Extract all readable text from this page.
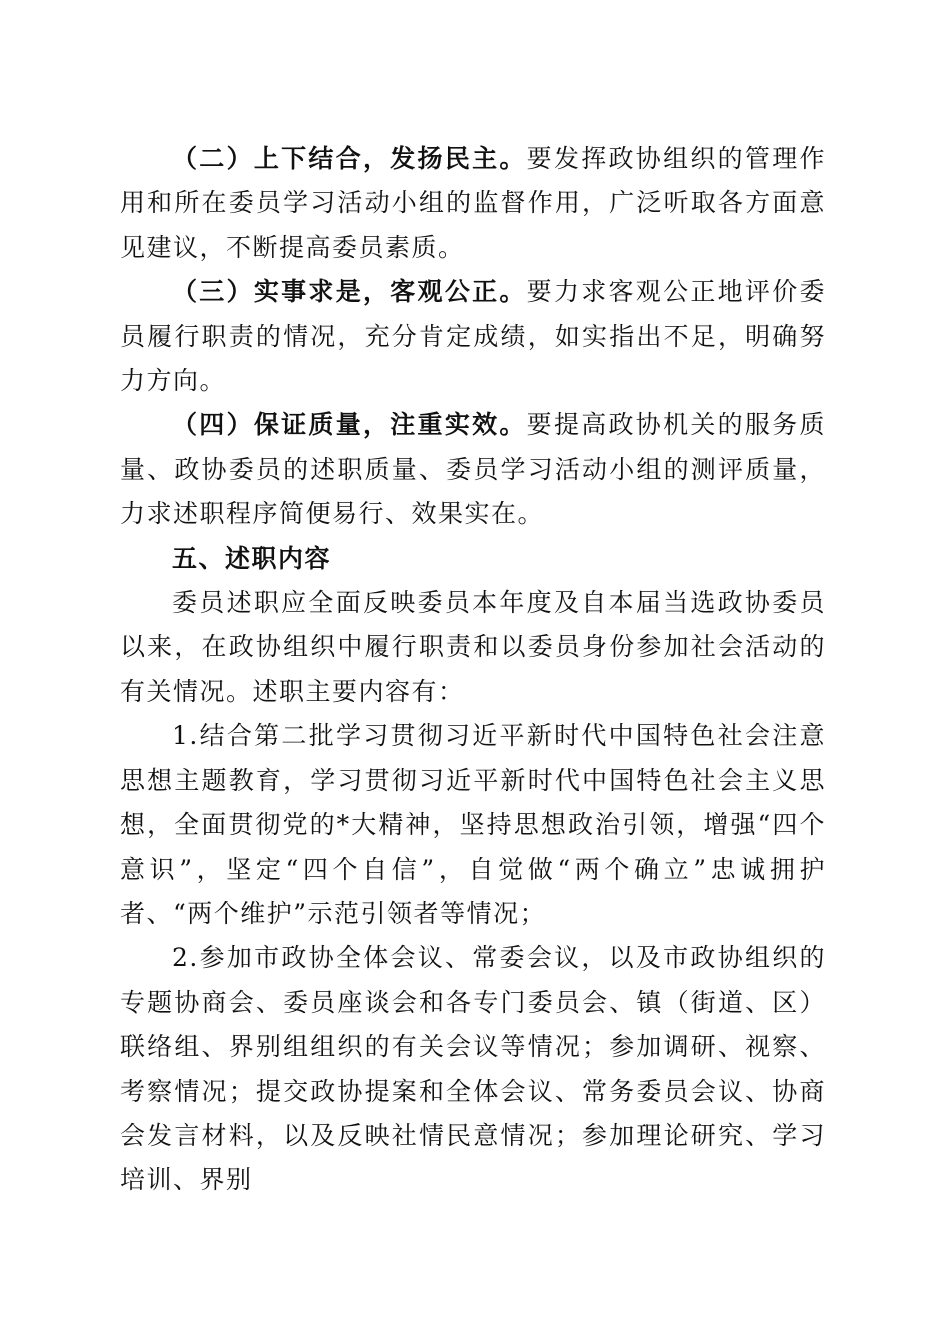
（二）上下结合，发扬民主。要发挥政协组织的管理作用和所在委员学习活动小组的监督作用，广泛听取各方面意见建议，不断提高委员素质。

（三）实事求是，客观公正。要力求客观公正地评价委员履行职责的情况，充分肯定成绩，如实指出不足，明确努力方向。

（四）保证质量，注重实效。要提高政协机关的服务质量、政协委员的述职质量、委员学习活动小组的测评质量，力求述职程序简便易行、效果实在。

五、述职内容

委员述职应全面反映委员本年度及自本届当选政协委员以来，在政协组织中履行职责和以委员身份参加社会活动的有关情况。述职主要内容有：

1.结合第二批学习贯彻习近平新时代中国特色社会注意思想主题教育，学习贯彻习近平新时代中国特色社会主义思想，全面贯彻党的*大精神，坚持思想政治引领，增强“四个意识”，坚定“四个自信”，自觉做“两个确立”忠诚拥护者、“两个维护”示范引领者等情况；

2.参加市政协全体会议、常委会议，以及市政协组织的专题协商会、委员座谈会和各专门委员会、镇（街道、区）联络组、界别组组织的有关会议等情况；参加调研、视察、考察情况；提交政协提案和全体会议、常务委员会议、协商会发言材料，以及反映社情民意情况；参加理论研究、学习培训、界别
